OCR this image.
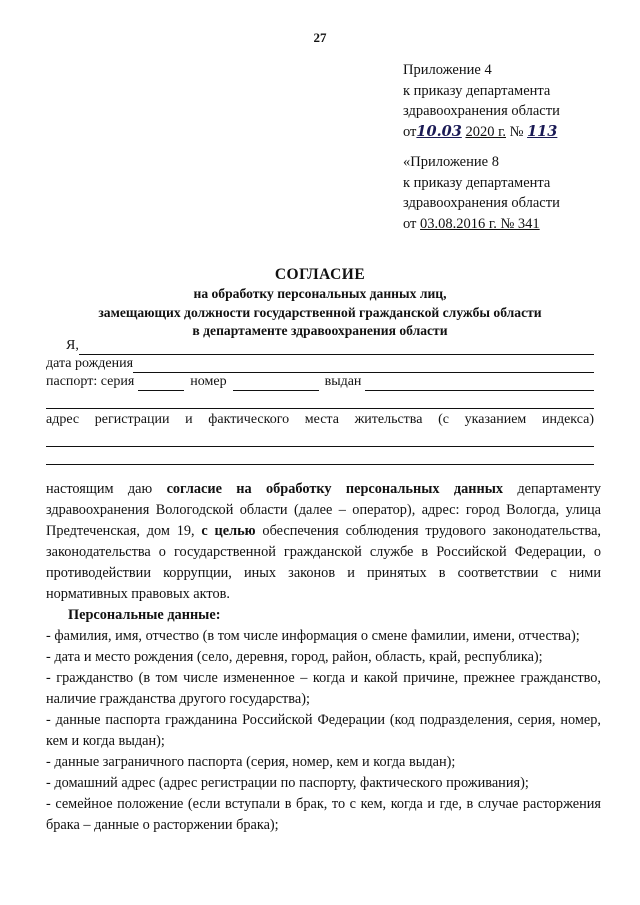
27
Приложение 4
к приказу департамента
здравоохранения области
от10.03 2020 г. № 113
«Приложение 8
к приказу департамента
здравоохранения области
от 03.08.2016 г. № 341
СОГЛАСИЕ
на обработку персональных данных лиц,
замещающих должности государственной гражданской службы области
в департаменте здравоохранения области
Я,
дата рождения
паспорт: серия	номер	выдан
адрес регистрации и фактического места жительства (с указанием индекса)

настоящим даю согласие на обработку персональных данных департаменту здравоохранения Вологодской области (далее – оператор), адрес: город Вологда, улица Предтеченская, дом 19, с целью обеспечения соблюдения трудового законодательства, законодательства о государственной гражданской службе в Российской Федерации, о противодействии коррупции, иных законов и принятых в соответствии с ними нормативных правовых актов.

Персональные данные:

- фамилия, имя, отчество (в том числе информация о смене фамилии, имени, отчества);

- дата и место рождения (село, деревня, город, район, область, край, республика);

- гражданство (в том числе измененное – когда и какой причине, прежнее гражданство, наличие гражданства другого государства);

- данные паспорта гражданина Российской Федерации (код подразделения, серия, номер, кем и когда выдан);

- данные заграничного паспорта (серия, номер, кем и когда выдан);

- домашний адрес (адрес регистрации по паспорту, фактического проживания);

- семейное положение (если вступали в брак, то с кем, когда и где, в случае расторжения брака – данные о расторжении брака);
